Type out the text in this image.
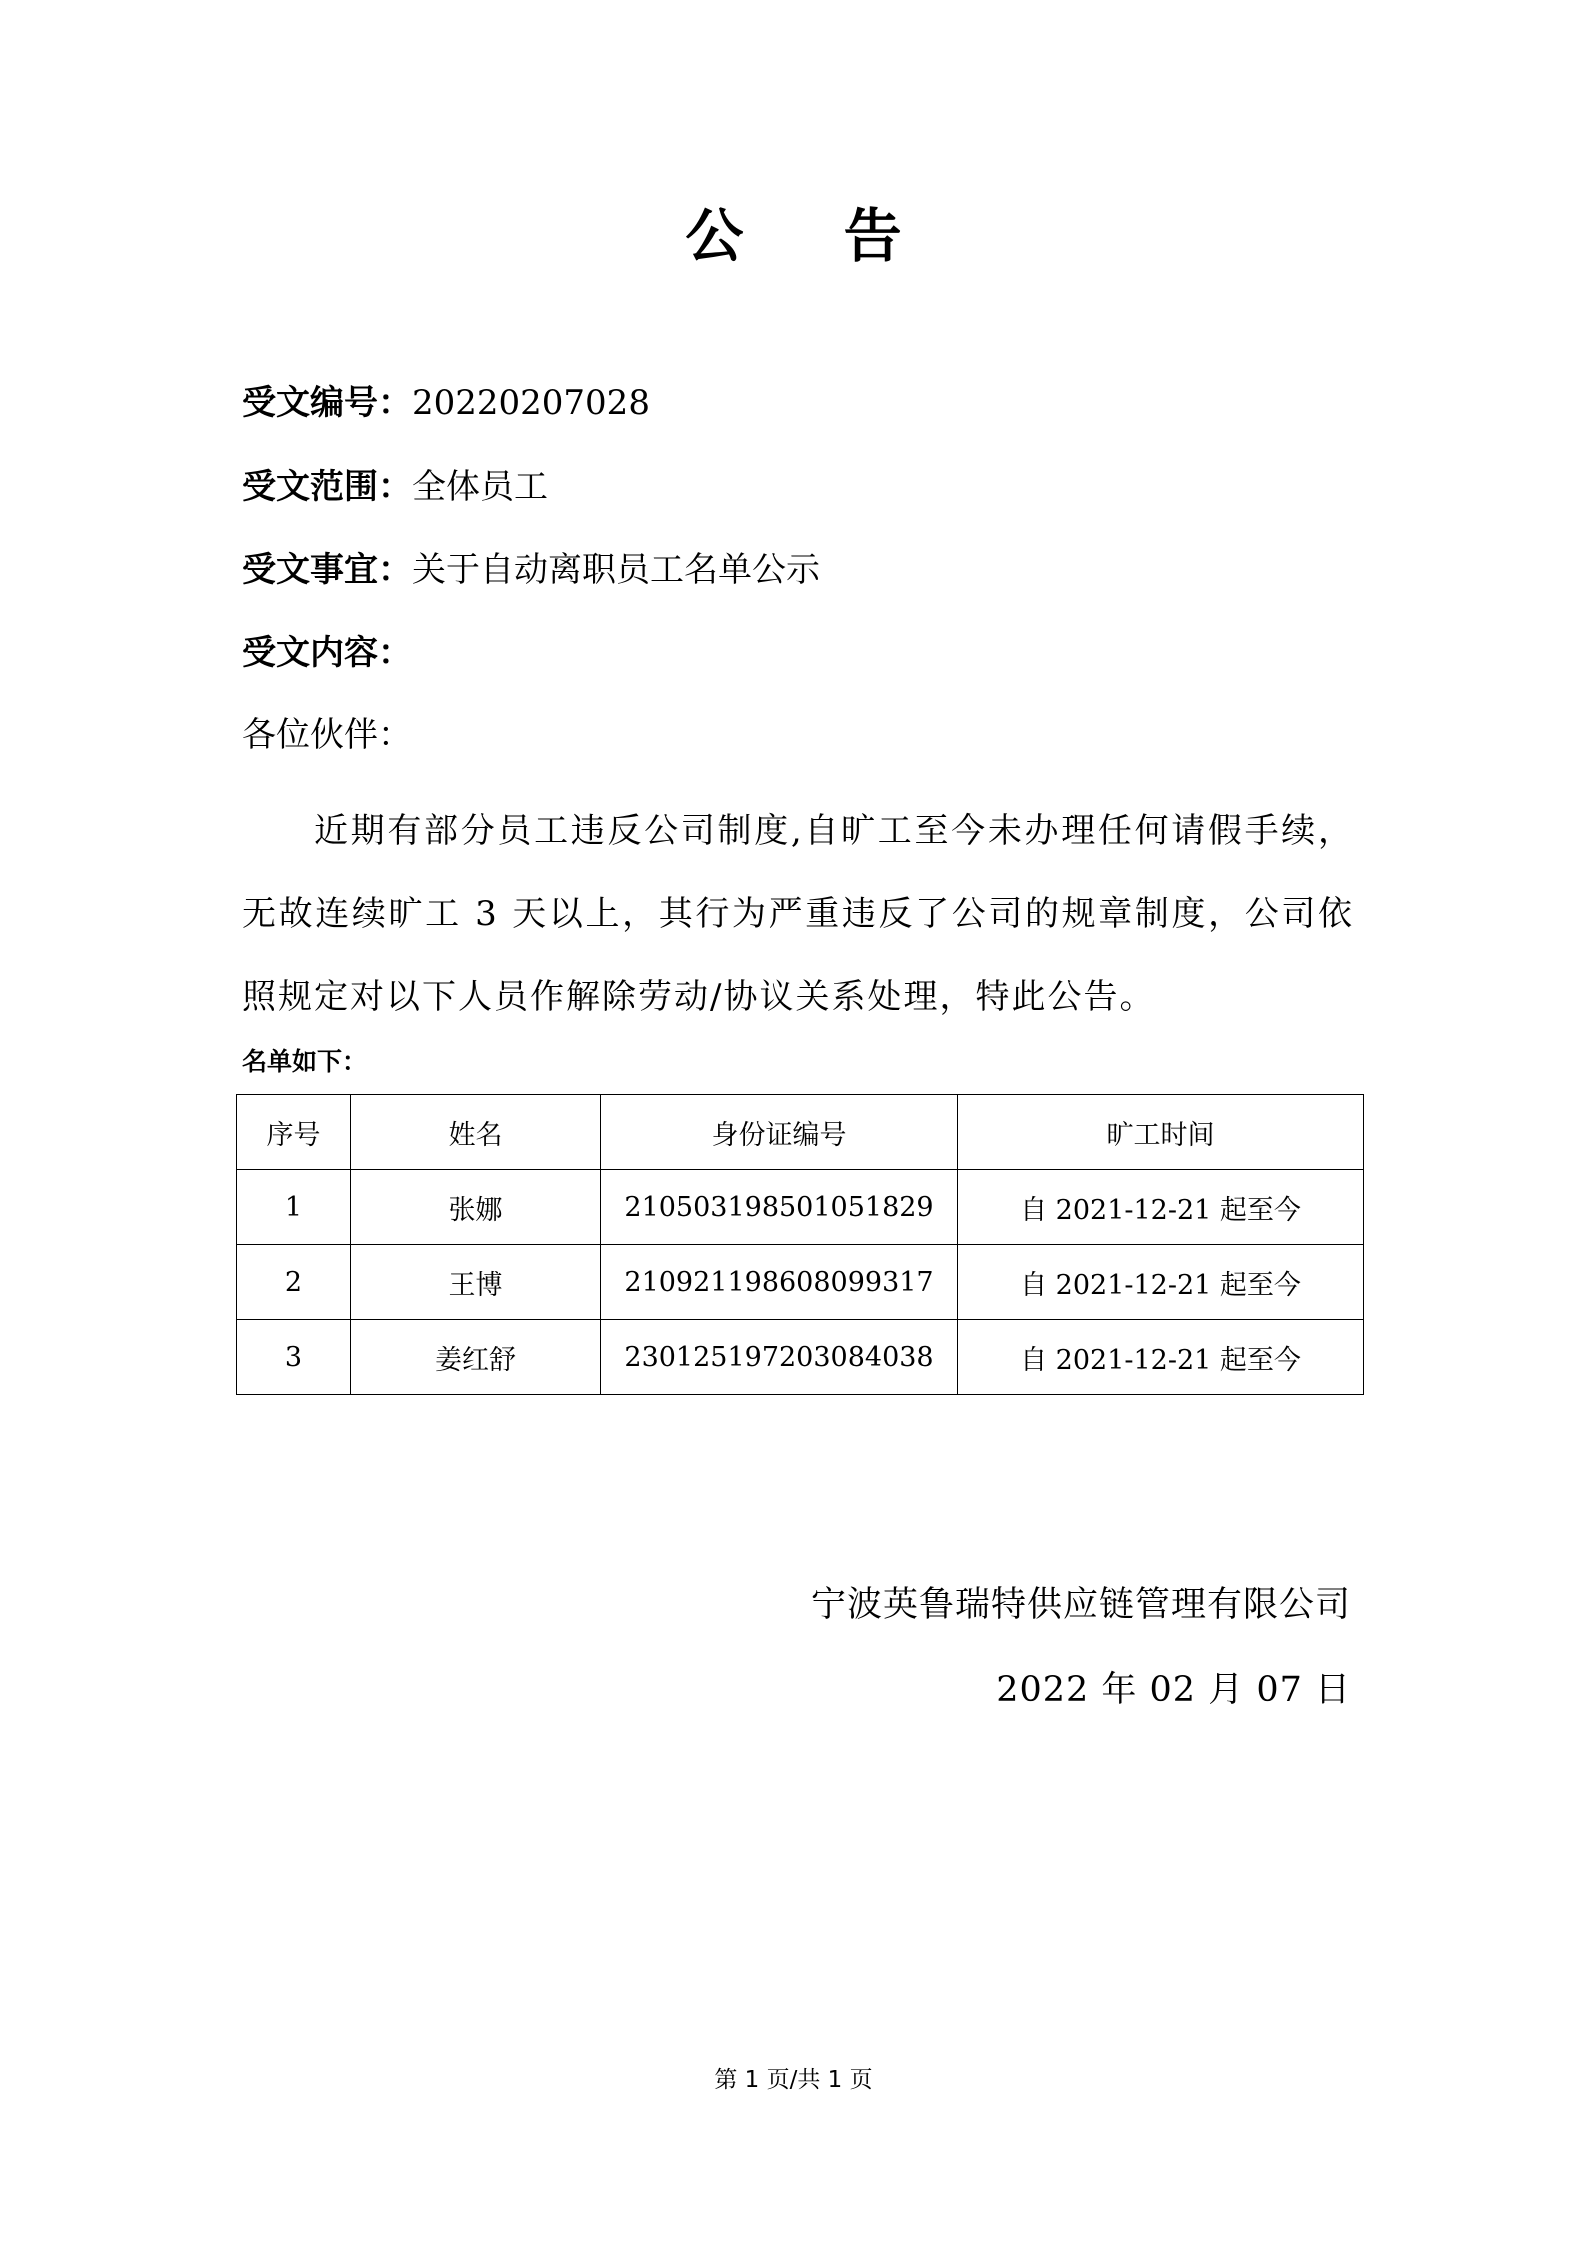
公 告
受文编号：20220207028
受文范围：全体员工
受文事宜：关于自动离职员工名单公示
受文内容：
各位伙伴：
近期有部分员工违反公司制度,自旷工至今未办理任何请假手续，无故连续旷工 3 天以上，其行为严重违反了公司的规章制度，公司依照规定对以下人员作解除劳动/协议关系处理，特此公告。
名单如下：
序号	姓名	身份证编号	旷工时间
1	张娜	210503198501051829	自 2021-12-21 起至今
2	王博	210921198608099317	自 2021-12-21 起至今
3	姜红舒	230125197203084038	自 2021-12-21 起至今
宁波英鲁瑞特供应链管理有限公司
2022 年 02 月 07 日
第 1 页/共 1 页
